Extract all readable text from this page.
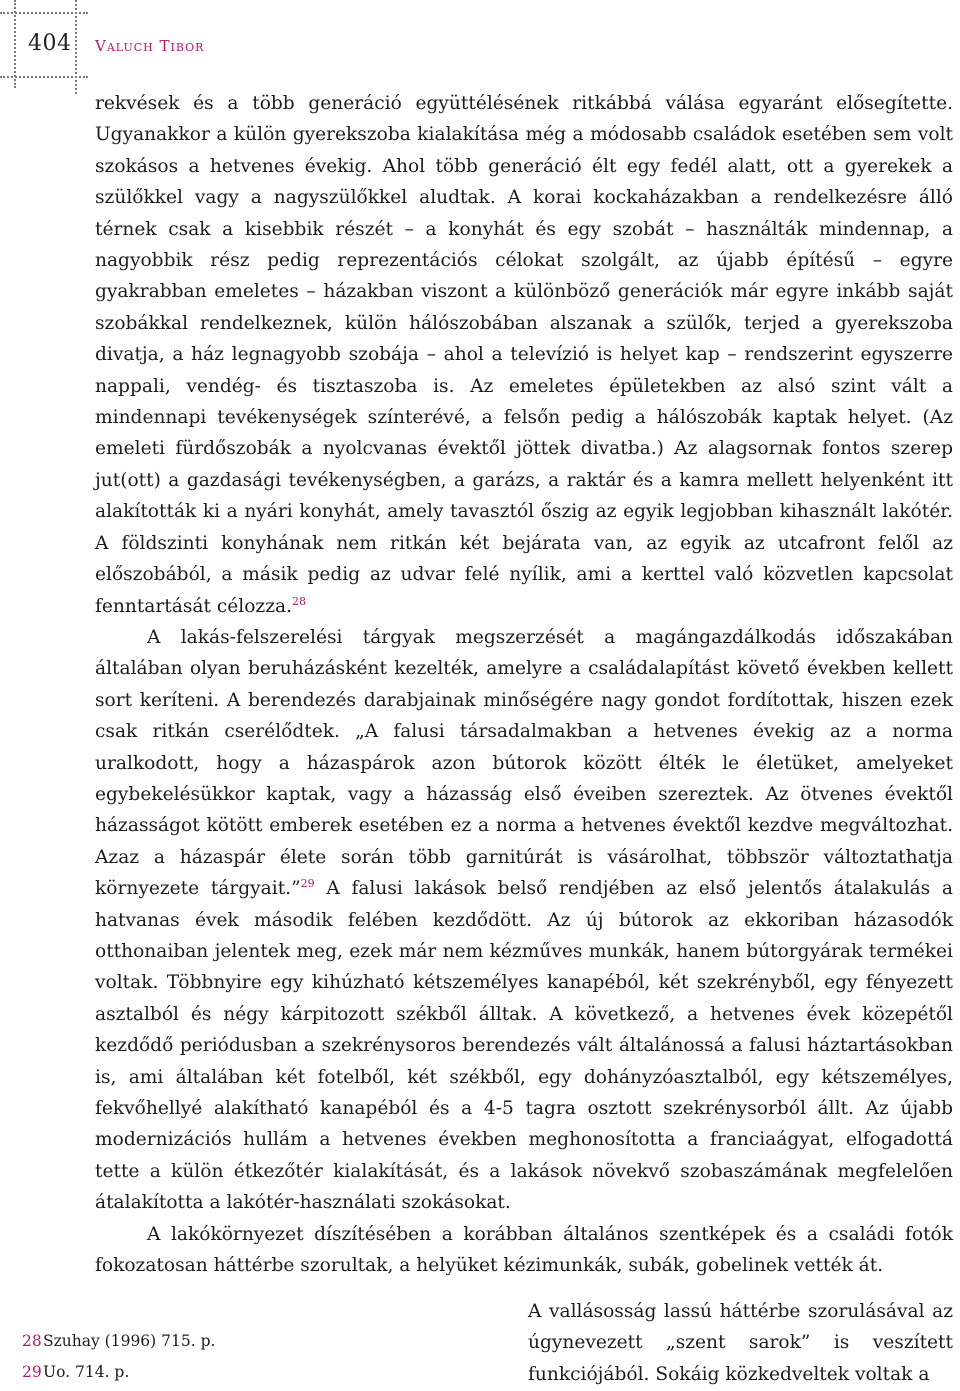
404 Valuch Tibor

rekvések és a több generáció együttélésének ritkábbá válása egyaránt elősegítette. Ugyanakkor a külön gyerekszoba kialakítása még a módosabb családok esetében sem volt szokásos a hetvenes évekig. Ahol több generáció élt egy fedél alatt, ott a gyerekek a szülőkkel vagy a nagyszülőkkel aludtak. A korai kockaházakban a rendelkezésre álló térnek csak a kisebbik részét – a konyhát és egy szobát – használták mindennap, a nagyobbik rész pedig reprezentációs célokat szolgált, az újabb építésű – egyre gyakrabban emeletes – házakban viszont a különböző generációk már egyre inkább saját szobákkal rendelkeznek, külön hálószobában alszanak a szülők, terjed a gyerekszoba divatja, a ház legnagyobb szobája – ahol a televízió is helyet kap – rendszerint egyszerre nappali, vendég- és tisztaszoba is. Az emeletes épületekben az alsó szint vált a mindennapi tevékenységek színterévé, a felsőn pedig a hálószobák kaptak helyet. (Az emeleti fürdőszobák a nyolcvanas évektől jöttek divatba.) Az alagsornak fontos szerep jut(ott) a gazdasági tevékenységben, a garázs, a raktár és a kamra mellett helyenként itt alakították ki a nyári konyhát, amely tavasztól őszig az egyik legjobban kihasznált lakótér. A földszinti konyhának nem ritkán két bejárata van, az egyik az utcafront felől az előszobából, a másik pedig az udvar felé nyílik, ami a kerttel való közvetlen kapcsolat fenntartását célozza.$^{28}$

A lakás-felszerelési tárgyak megszerzését a magángazdálkodás időszakában általában olyan beruházásként kezelték, amelyre a családalapítást követő években kellett sort keríteni. A berendezés darabjainak minőségére nagy gondot fordítottak, hiszen ezek csak ritkán cserélődtek. „A falusi társadalmakban a hetvenes évekig az a norma uralkodott, hogy a házaspárok azon bútorok között élték le életüket, amelyeket egybekelésükkor kaptak, vagy a házasság első éveiben szereztek. Az ötvenes évektől házasságot kötött emberek esetében ez a norma a hetvenes évektől kezdve megváltozhat. Azaz a házaspár élete során több garnitúrát is vásárolhat, többször változtathatja környezete tárgyait.”$^{29}$ A falusi lakások belső rendjében az első jelentős átalakulás a hatvanas évek második felében kezdődött. Az új bútorok az ekkoriban házasodók otthonaiban jelentek meg, ezek már nem kézműves munkák, hanem bútorgyárak termékei voltak. Többnyire egy kihúzható kétszemélyes kanapéból, két szekrényből, egy fényezett asztalból és négy kárpitozott székből álltak. A következő, a hetvenes évek közepétől kezdődő periódusban a szekrénysoros berendezés vált általánossá a falusi háztartásokban is, ami általában két fotelből, két székből, egy dohányzóasztalból, egy kétszemélyes, fekvőhellyé alakítható kanapéból és a 4-5 tagra osztott szekrénysorból állt. Az újabb modernizációs hullám a hetvenes években meghonosította a franciaágyat, elfogadottá tette a külön étkezőtér kialakítását, és a lakások növekvő szobaszámának megfelelően átalakította a lakótér-használati szokásokat.

A lakókörnyezet díszítésében a korábban általános szentképek és a családi fotók fokozatosan háttérbe szorultak, a helyüket kézimunkák, subák, gobelinek vették át.

A vallásosság lassú háttérbe szorulásával az úgynevezett „szent sarok” is veszített funkciójából. Sokáig közkedveltek voltak a
28Szuhay (1996) 715. p.
29Uo. 714. p.
